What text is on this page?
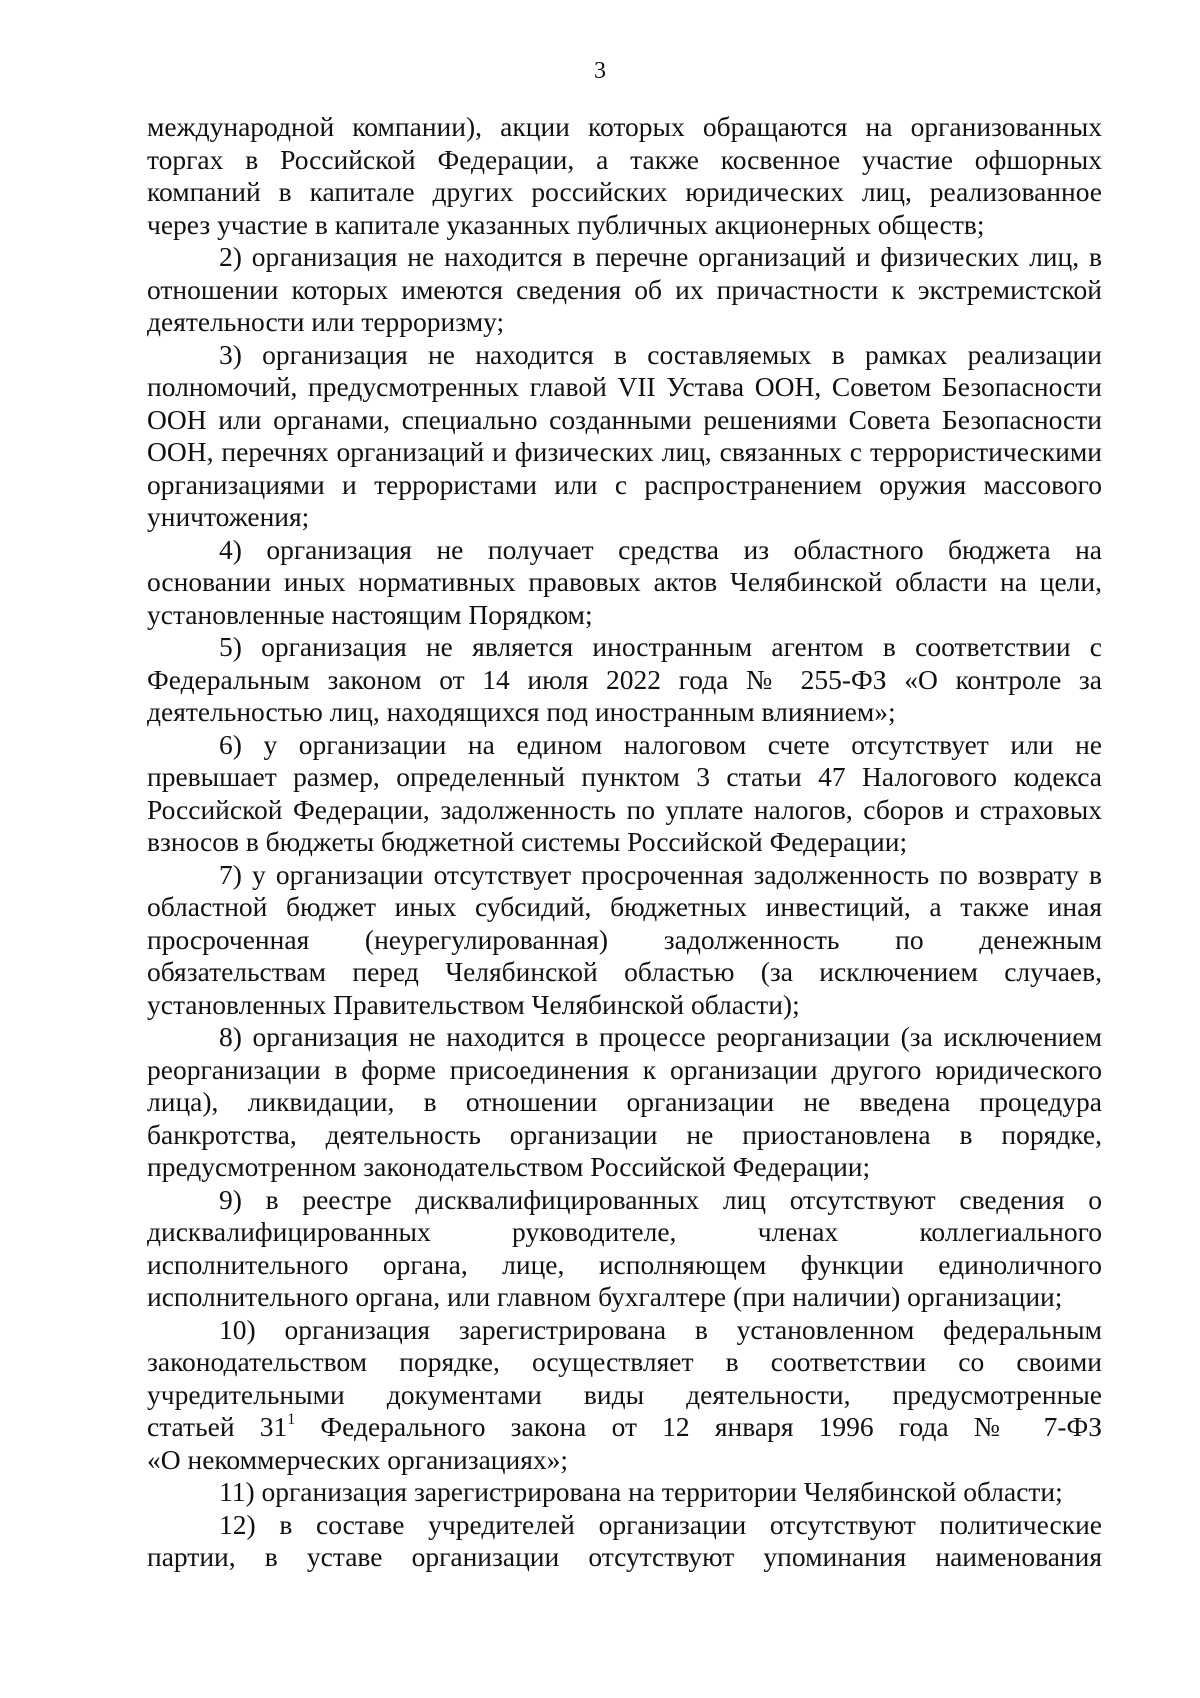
3
международной компании), акции которых обращаются на организованных
торгах в Российской Федерации, а также косвенное участие офшорных
компаний в капитале других российских юридических лиц, реализованное
через участие в капитале указанных публичных акционерных обществ;
2) организация не находится в перечне организаций и физических лиц, в
отношении которых имеются сведения об их причастности к экстремистской
деятельности или терроризму;
3) организация не находится в составляемых в рамках реализации
полномочий, предусмотренных главой VII Устава ООН, Советом Безопасности
ООН или органами, специально созданными решениями Совета Безопасности
ООН, перечнях организаций и физических лиц, связанных с террористическими
организациями и террористами или с распространением оружия массового
уничтожения;
4) организация не получает средства из областного бюджета на
основании иных нормативных правовых актов Челябинской области на цели,
установленные настоящим Порядком;
5) организация не является иностранным агентом в соответствии с
Федеральным законом от 14 июля 2022 года № 255-ФЗ «О контроле за
деятельностью лиц, находящихся под иностранным влиянием»;
6) у организации на едином налоговом счете отсутствует или не
превышает размер, определенный пунктом 3 статьи 47 Налогового кодекса
Российской Федерации, задолженность по уплате налогов, сборов и страховых
взносов в бюджеты бюджетной системы Российской Федерации;
7) у организации отсутствует просроченная задолженность по возврату в
областной бюджет иных субсидий, бюджетных инвестиций, а также иная
просроченная (неурегулированная) задолженность по денежным
обязательствам перед Челябинской областью (за исключением случаев,
установленных Правительством Челябинской области);
8) организация не находится в процессе реорганизации (за исключением
реорганизации в форме присоединения к организации другого юридического
лица), ликвидации, в отношении организации не введена процедура
банкротства, деятельность организации не приостановлена в порядке,
предусмотренном законодательством Российской Федерации;
9) в реестре дисквалифицированных лиц отсутствуют сведения о
дисквалифицированных руководителе, членах коллегиального
исполнительного органа, лице, исполняющем функции единоличного
исполнительного органа, или главном бухгалтере (при наличии) организации;
10) организация зарегистрирована в установленном федеральным
законодательством порядке, осуществляет в соответствии со своими
учредительными документами виды деятельности, предусмотренные
статьей 31$^1$ Федерального закона от 12 января 1996 года № 7-ФЗ
«О некоммерческих организациях»;
11) организация зарегистрирована на территории Челябинской области;
12) в составе учредителей организации отсутствуют политические
партии, в уставе организации отсутствуют упоминания наименования
